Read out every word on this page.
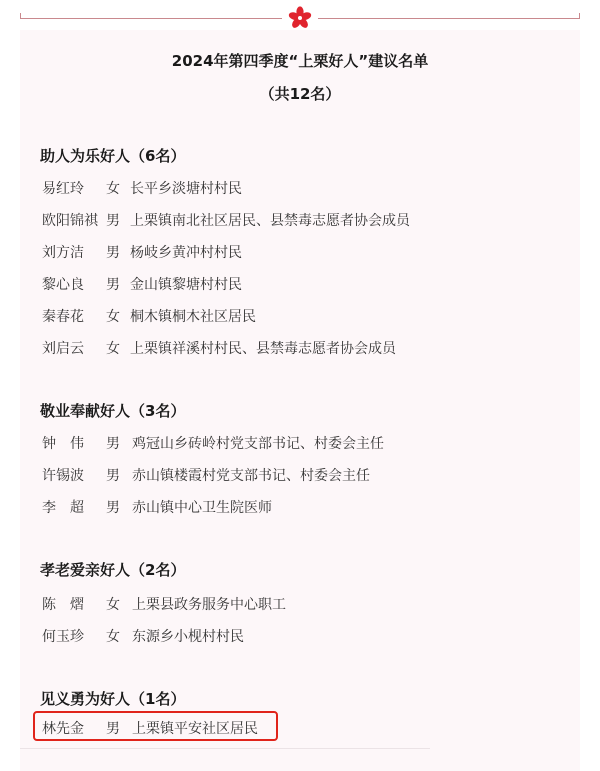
2024年第四季度“上栗好人”建议名单
（共12名）
助人为乐好人（6名）
易红玲 女 长平乡淡塘村村民
欧阳锦祺 男 上栗镇南北社区居民、县禁毒志愿者协会成员
刘方洁 男 杨岐乡黄冲村村民
黎心良 男 金山镇黎塘村村民
秦春花 女 桐木镇桐木社区居民
刘启云 女 上栗镇祥溪村村民、县禁毒志愿者协会成员
敬业奉献好人（3名）
钟　伟 男 鸡冠山乡砖岭村党支部书记、村委会主任
许锡波 男 赤山镇楼霞村党支部书记、村委会主任
李　超 男 赤山镇中心卫生院医师
孝老爱亲好人（2名）
陈　熠 女 上栗县政务服务中心职工
何玉珍 女 东源乡小枧村村民
见义勇为好人（1名）
林先金 男 上栗镇平安社区居民
